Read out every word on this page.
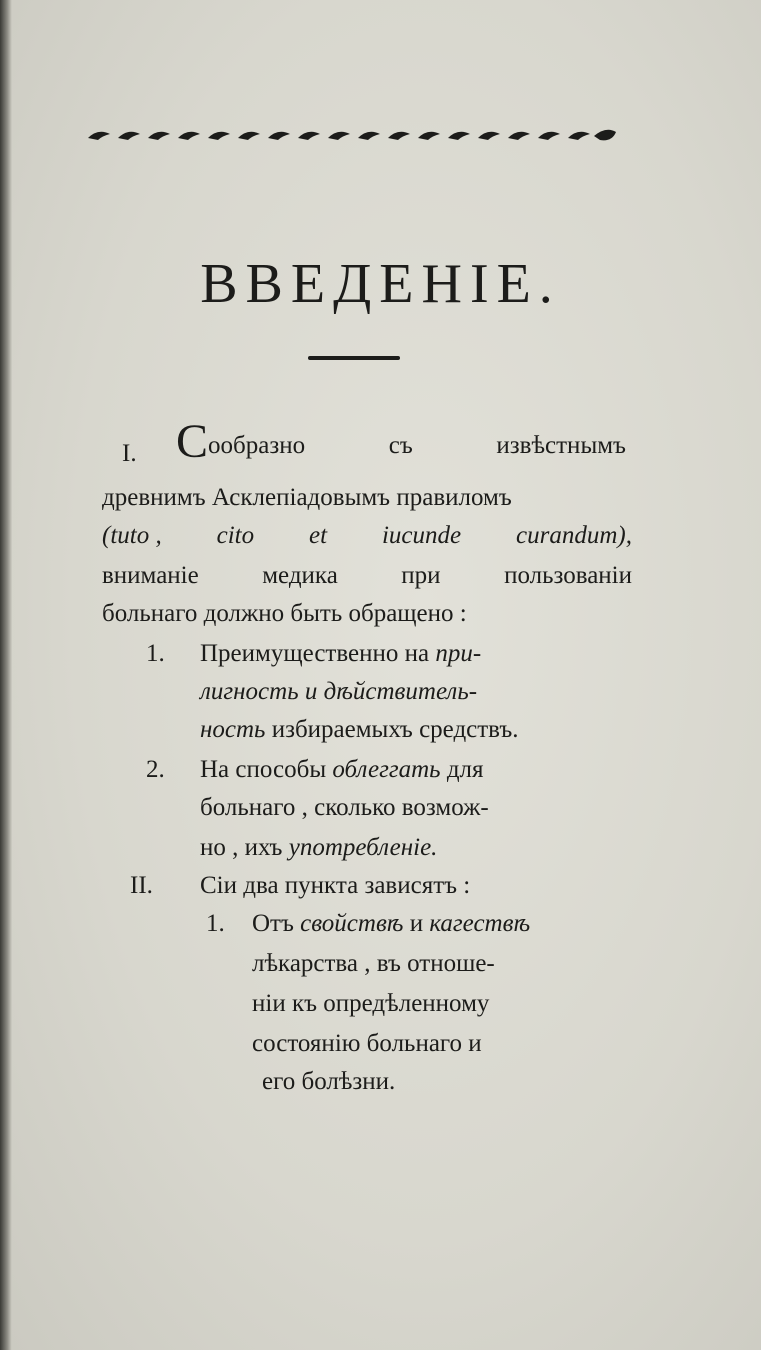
ВВЕДЕНІЕ.
I. Сообразно	съ	извѣстнымъ
древнимъ Асклепіадовымъ правиломъ
(tuto , cito et iucunde curandum),
вниманіе	медика	при	пользованіи
больнаго должно быть обращено :
1. Преимущественно на при-
лигность и дѣйствитель-
ность избираемыхъ средствъ.
2. На способы облеггать для
больнаго , сколько возмож-
но , ихъ употребленіе.
II. Сіи два пункта зависятъ :
1. Отъ свойствѣ и кагествѣ
лѣкарства , въ отноше-
ніи къ опредѣленному
состоянію больнаго и
его болѣзни.
